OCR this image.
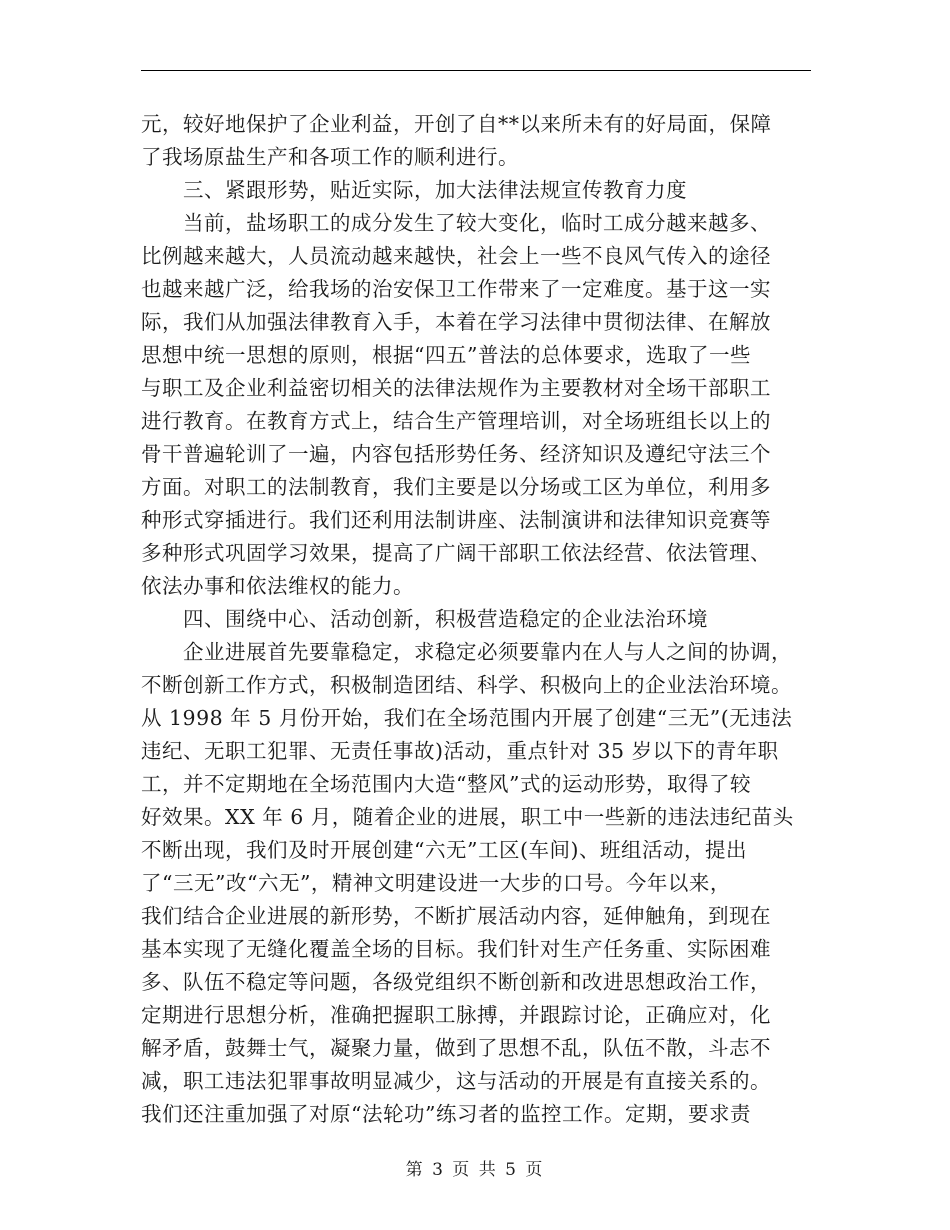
元，较好地保护了企业利益，开创了自**以来所未有的好局面，保障
了我场原盐生产和各项工作的顺利进行。
三、紧跟形势，贴近实际，加大法律法规宣传教育力度
当前，盐场职工的成分发生了较大变化，临时工成分越来越多、
比例越来越大，人员流动越来越快，社会上一些不良风气传入的途径
也越来越广泛，给我场的治安保卫工作带来了一定难度。基于这一实
际，我们从加强法律教育入手，本着在学习法律中贯彻法律、在解放
思想中统一思想的原则，根据“四五”普法的总体要求，选取了一些
与职工及企业利益密切相关的法律法规作为主要教材对全场干部职工
进行教育。在教育方式上，结合生产管理培训，对全场班组长以上的
骨干普遍轮训了一遍，内容包括形势任务、经济知识及遵纪守法三个
方面。对职工的法制教育，我们主要是以分场或工区为单位，利用多
种形式穿插进行。我们还利用法制讲座、法制演讲和法律知识竞赛等
多种形式巩固学习效果，提高了广阔干部职工依法经营、依法管理、
依法办事和依法维权的能力。
四、围绕中心、活动创新，积极营造稳定的企业法治环境
企业进展首先要靠稳定，求稳定必须要靠内在人与人之间的协调，
不断创新工作方式，积极制造团结、科学、积极向上的企业法治环境。
从 1998 年 5 月份开始，我们在全场范围内开展了创建“三无”(无违法
违纪、无职工犯罪、无责任事故)活动，重点针对 35 岁以下的青年职
工，并不定期地在全场范围内大造“整风”式的运动形势，取得了较
好效果。XX 年 6 月，随着企业的进展，职工中一些新的违法违纪苗头
不断出现，我们及时开展创建“六无”工区(车间)、班组活动，提出
了“三无”改“六无”，精神文明建设进一大步的口号。今年以来，
我们结合企业进展的新形势，不断扩展活动内容，延伸触角，到现在
基本实现了无缝化覆盖全场的目标。我们针对生产任务重、实际困难
多、队伍不稳定等问题，各级党组织不断创新和改进思想政治工作，
定期进行思想分析，准确把握职工脉搏，并跟踪讨论，正确应对，化
解矛盾，鼓舞士气，凝聚力量，做到了思想不乱，队伍不散，斗志不
减，职工违法犯罪事故明显减少，这与活动的开展是有直接关系的。
我们还注重加强了对原“法轮功”练习者的监控工作。定期，要求责
第 3 页 共 5 页
